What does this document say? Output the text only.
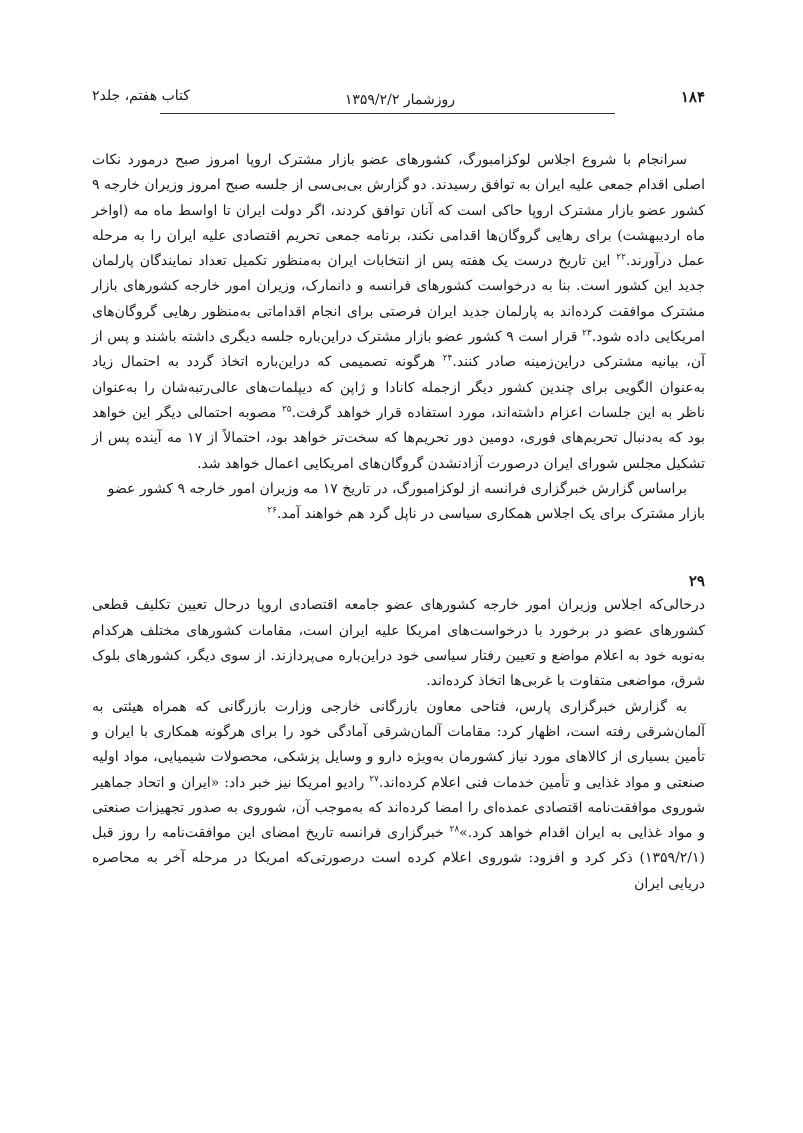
۱۸۴
روزشمار ۱۳۵۹/۲/۲
کتاب هفتم، جلد۲

سرانجام با شروع اجلاس لوکزامبورگ، کشورهای عضو بازار مشترک اروپا امروز صبح درمورد نکات اصلی اقدام جمعی علیه ایران به توافق رسیدند. دو گزارش بی‌بی‌سی از جلسه صبح امروز وزیران خارجه ۹ کشور عضو بازار مشترک اروپا حاکی است که آنان توافق کردند، اگر دولت ایران تا اواسط ماه مه (اواخر ماه اردیبهشت) برای رهایی گروگان‌ها اقدامی نکند، برنامه جمعی تحریم اقتصادی علیه ایران را به مرحله عمل درآورند.$^{۲۲}$ این تاریخ درست یک هفته پس از انتخابات ایران به‌منظور تکمیل تعداد نمایندگان پارلمان جدید این کشور است. بنا به درخواست کشورهای فرانسه و دانمارک، وزیران امور خارجه کشورهای بازار مشترک موافقت کرده‌اند به پارلمان جدید ایران فرصتی برای انجام اقداماتی به‌منظور رهایی گروگان‌های امریکایی داده شود.$^{۲۳}$ قرار است ۹ کشور عضو بازار مشترک دراین‌باره جلسه دیگری داشته باشند و پس از آن، بیانیه مشترکی دراین‌زمینه صادر کنند.$^{۲۴}$ هرگونه تصمیمی که دراین‌باره اتخاذ گردد به احتمال زیاد به‌عنوان الگویی برای چندین کشور دیگر ازجمله کانادا و ژاپن که دیپلمات‌های عالی‌رتبه‌شان را به‌عنوان ناظر به این جلسات اعزام داشته‌اند، مورد استفاده قرار خواهد گرفت.$^{۲۵}$ مصوبه احتمالی دیگر این خواهد بود که به‌دنبال تحریم‌های فوری، دومین دور تحریم‌ها که سخت‌تر خواهد بود، احتمالاً از ۱۷ مه آینده پس از تشکیل مجلس شورای ایران درصورت آزادنشدن گروگان‌های امریکایی اعمال خواهد شد.

براساس گزارش خبرگزاری فرانسه از لوکزامبورگ، در تاریخ ۱۷ مه وزیران امور خارجه ۹ کشور عضو بازار مشترک برای یک اجلاس همکاری سیاسی در ناپل گرد هم خواهند آمد.$^{۲۶}$

۲۹

درحالی‌که اجلاس وزیران امور خارجه کشورهای عضو جامعه اقتصادی اروپا درحال تعیین تکلیف قطعی کشورهای عضو در برخورد با درخواست‌های امریکا علیه ایران است، مقامات کشورهای مختلف هرکدام به‌نوبه خود به اعلام مواضع و تعیین رفتار سیاسی خود دراین‌باره می‌پردازند. از سوی دیگر، کشورهای بلوک شرق، مواضعی متفاوت با غربی‌ها اتخاذ کرده‌اند.

به گزارش خبرگزاری پارس، فتاحی معاون بازرگانی خارجی وزارت بازرگانی که همراه هیئتی به آلمان‌شرقی رفته است، اظهار کرد: مقامات آلمان‌شرقی آمادگی خود را برای هرگونه همکاری با ایران و تأمین بسیاری از کالاهای مورد نیاز کشورمان به‌ویژه دارو و وسایل پزشکی، محصولات شیمیایی، مواد اولیه صنعتی و مواد غذایی و تأمین خدمات فنی اعلام کرده‌اند.$^{۲۷}$ رادیو امریکا نیز خبر داد: «ایران و اتحاد جماهیر شوروی موافقت‌نامه اقتصادی عمده‌ای را امضا کرده‌اند که به‌موجب آن، شوروی به صدور تجهیزات صنعتی و مواد غذایی به ایران اقدام خواهد کرد.»$^{۲۸}$ خبرگزاری فرانسه تاریخ امضای این موافقت‌نامه را روز قبل (۱۳۵۹/۲/۱) ذکر کرد و افزود: شوروی اعلام کرده است درصورتی‌که امریکا در مرحله آخر به محاصره دریایی ایران
